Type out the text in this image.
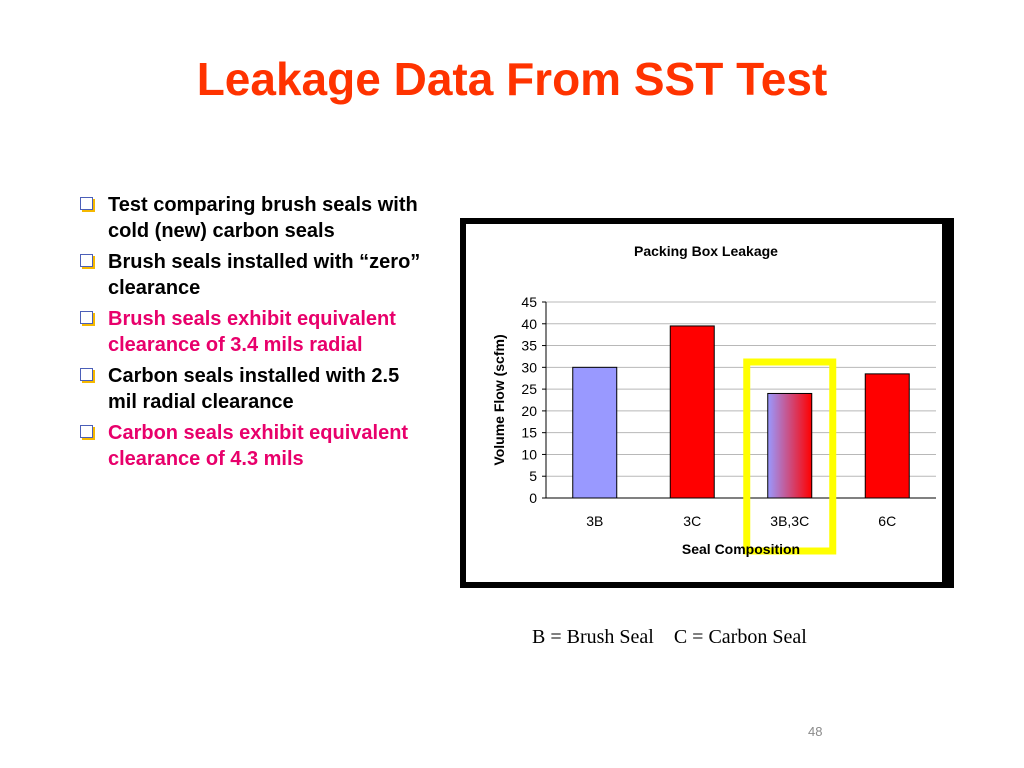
Leakage Data From SST Test
Test comparing brush seals with cold (new) carbon seals
Brush seals installed with “zero” clearance
Brush seals exhibit equivalent clearance of 3.4 mils radial
Carbon seals installed with 2.5 mil radial clearance
Carbon seals exhibit equivalent clearance of 4.3 mils
Packing Box Leakage
0
5
10
15
20
25
30
35
40
45
3B	3C	3B,3C	6C
Seal Composition
Volume Flow (scfm)
B = Brush Seal    C = Carbon Seal
48
